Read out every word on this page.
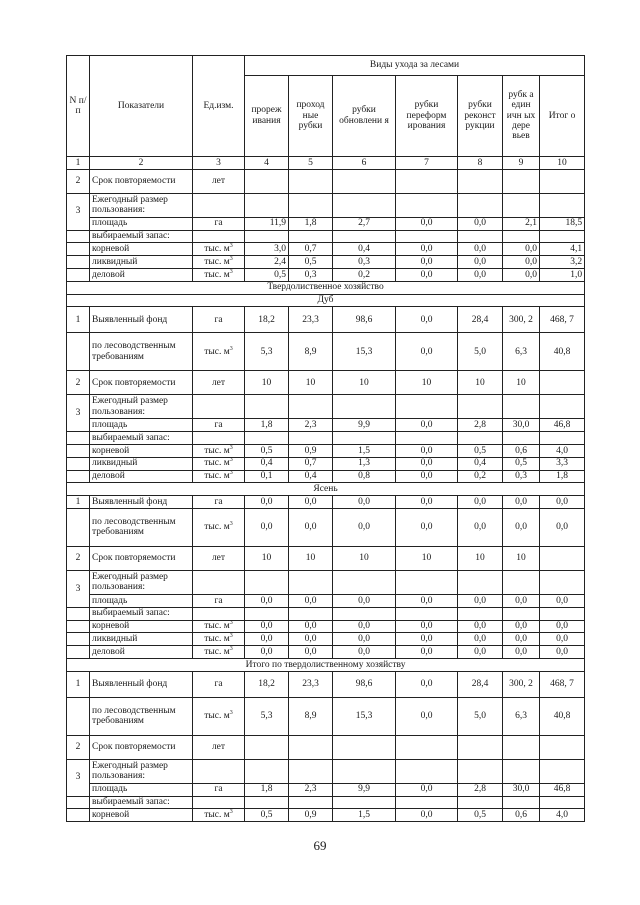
N п/ п	Показатели	Ед.изм.	Виды ухода за лесами						
			прореж ивания	проход ные рубки	рубки обновлени я	рубки переформ ирования	рубки реконст рукции	рубк а един ичн ых дере вьев	Итог о
1	2	3	4	5	6	7	8	9	10
2	Срок повторяемости	лет							
3	Ежегодный размер пользования:								
	площадь	га	11,9	1,8	2,7	0,0	0,0	2,1	18,5
	выбираемый запас:								
	корневой	тыс. $м^3$	3,0	0,7	0,4	0,0	0,0	0,0	4,1
	ликвидный	тыс. $м^3$	2,4	0,5	0,3	0,0	0,0	0,0	3,2
	деловой	тыс. $м^3$	0,5	0,3	0,2	0,0	0,0	0,0	1,0
Твердолиственное хозяйство									
Дуб									
1	Выявленный фонд	га	18,2	23,3	98,6	0,0	28,4	300, 2	468, 7
	по лесоводственным требованиям	тыс. $м^3$	5,3	8,9	15,3	0,0	5,0	6,3	40,8
2	Срок повторяемости	лет	10	10	10	10	10	10	
3	Ежегодный размер пользования:								
	площадь	га	1,8	2,3	9,9	0,0	2,8	30,0	46,8
	выбираемый запас:								
	корневой	тыс. $м^3$	0,5	0,9	1,5	0,0	0,5	0,6	4,0
	ликвидный	тыс. $м^3$	0,4	0,7	1,3	0,0	0,4	0,5	3,3
	деловой	тыс. $м^3$	0,1	0,4	0,8	0,0	0,2	0,3	1,8
Ясень									
1	Выявленный фонд	га	0,0	0,0	0,0	0,0	0,0	0,0	0,0
	по лесоводственным требованиям	тыс. $м^3$	0,0	0,0	0,0	0,0	0,0	0,0	0,0
2	Срок повторяемости	лет	10	10	10	10	10	10	
3	Ежегодный размер пользования:								
	площадь	га	0,0	0,0	0,0	0,0	0,0	0,0	0,0
	выбираемый запас:								
	корневой	тыс. $м^3$	0,0	0,0	0,0	0,0	0,0	0,0	0,0
	ликвидный	тыс. $м^3$	0,0	0,0	0,0	0,0	0,0	0,0	0,0
	деловой	тыс. $м^3$	0,0	0,0	0,0	0,0	0,0	0,0	0,0
Итого по твердолиственному хозяйству									
1	Выявленный фонд	га	18,2	23,3	98,6	0,0	28,4	300, 2	468, 7
	по лесоводственным требованиям	тыс. $м^3$	5,3	8,9	15,3	0,0	5,0	6,3	40,8
2	Срок повторяемости	лет							
3	Ежегодный размер пользования:								
	площадь	га	1,8	2,3	9,9	0,0	2,8	30,0	46,8
	выбираемый запас:								
	корневой	тыс. $м^3$	0,5	0,9	1,5	0,0	0,5	0,6	4,0
69
